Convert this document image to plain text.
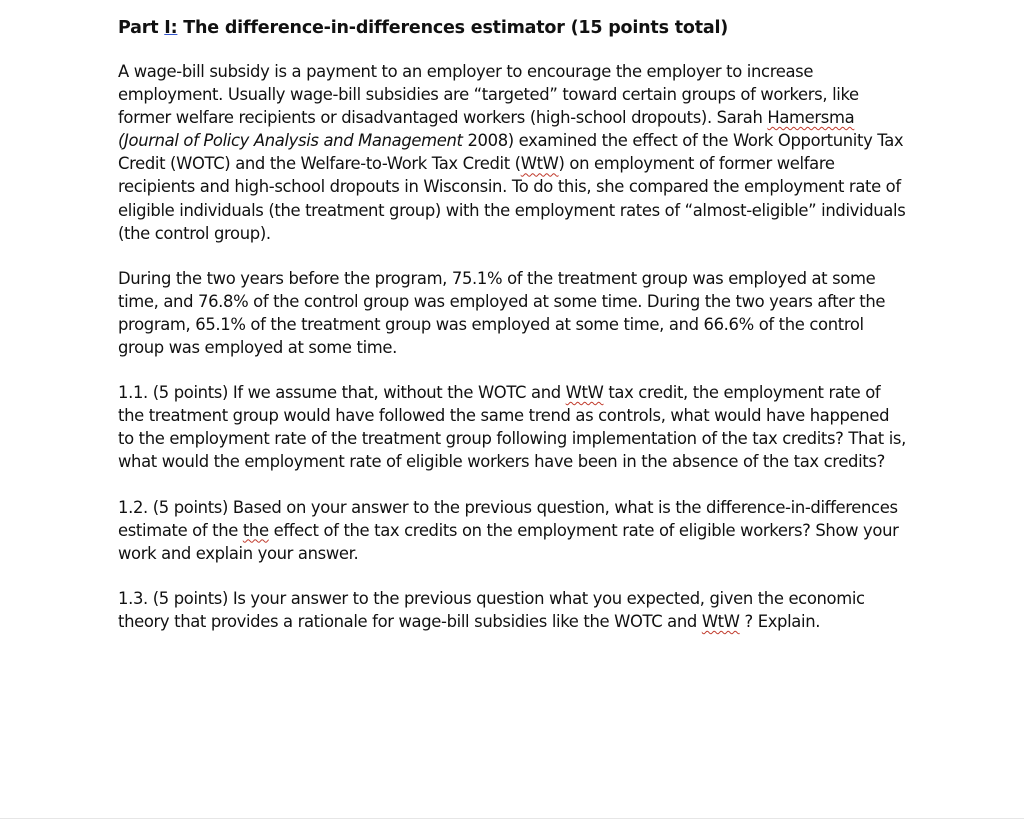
Part I: The difference-in-differences estimator (15 points total)

A wage-bill subsidy is a payment to an employer to encourage the employer to increase employment. Usually wage-bill subsidies are “targeted” toward certain groups of workers, like former welfare recipients or disadvantaged workers (high-school dropouts). Sarah Hamersma (Journal of Policy Analysis and Management 2008) examined the effect of the Work Opportunity Tax Credit (WOTC) and the Welfare-to-Work Tax Credit (WtW) on employment of former welfare recipients and high-school dropouts in Wisconsin. To do this, she compared the employment rate of eligible individuals (the treatment group) with the employment rates of “almost-eligible” individuals (the control group).

During the two years before the program, 75.1% of the treatment group was employed at some time, and 76.8% of the control group was employed at some time. During the two years after the program, 65.1% of the treatment group was employed at some time, and 66.6% of the control group was employed at some time.

1.1. (5 points) If we assume that, without the WOTC and WtW tax credit, the employment rate of the treatment group would have followed the same trend as controls, what would have happened to the employment rate of the treatment group following implementation of the tax credits? That is, what would the employment rate of eligible workers have been in the absence of the tax credits?

1.2. (5 points) Based on your answer to the previous question, what is the difference-in-differences estimate of the the effect of the tax credits on the employment rate of eligible workers? Show your work and explain your answer.

1.3. (5 points) Is your answer to the previous question what you expected, given the economic theory that provides a rationale for wage-bill subsidies like the WOTC and WtW ? Explain.
